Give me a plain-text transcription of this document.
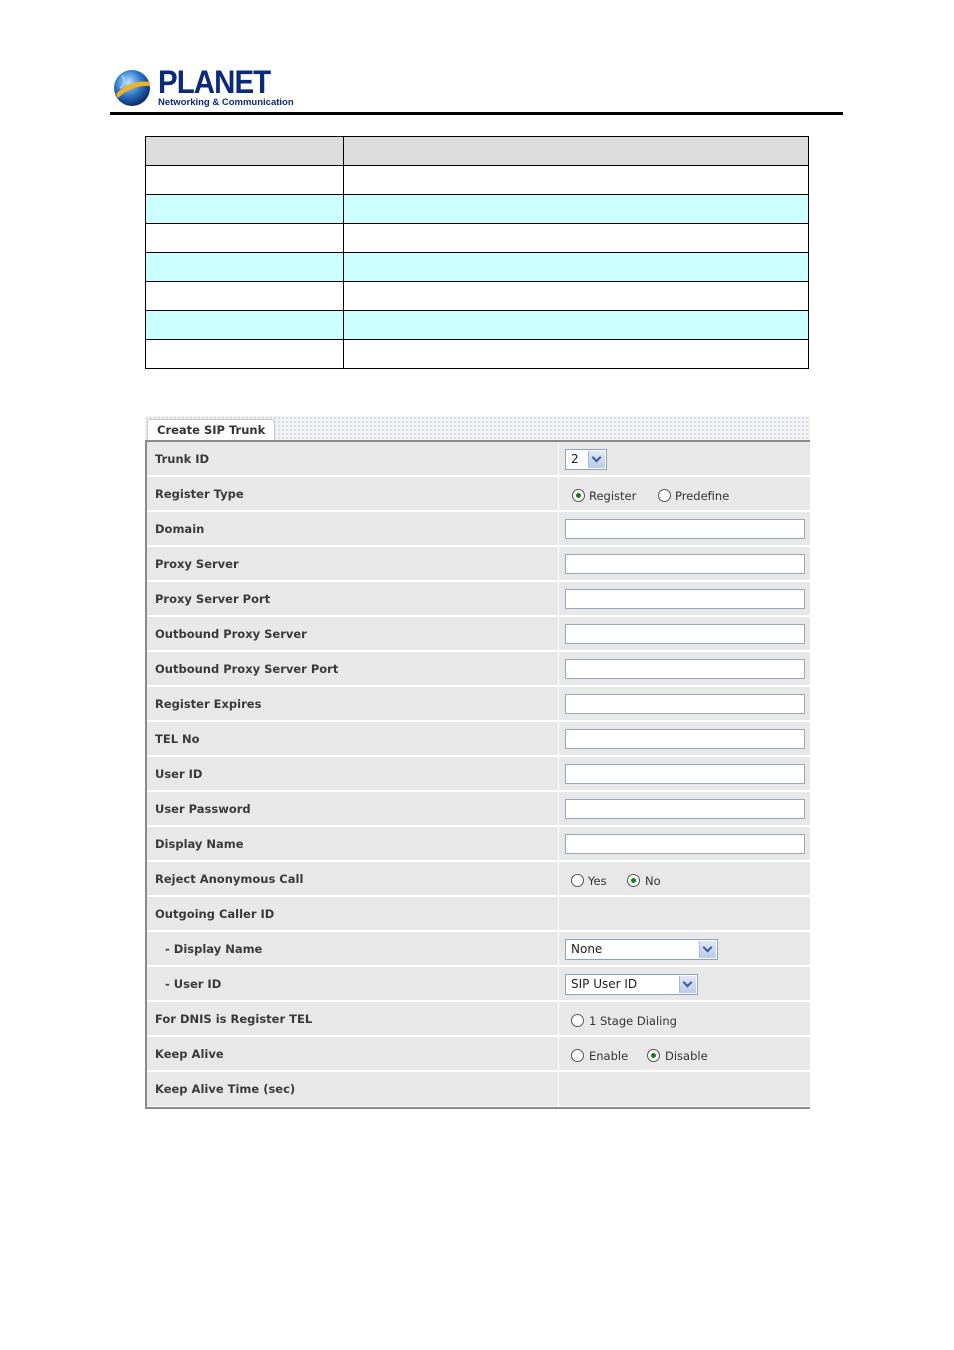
PLANET
Networking & Communication

Create SIP Trunk
Trunk ID	2
Register Type	Register	Predefine
Domain
Proxy Server
Proxy Server Port
Outbound Proxy Server
Outbound Proxy Server Port
Register Expires
TEL No
User ID
User Password
Display Name
Reject Anonymous Call	Yes	No
Outgoing Caller ID
- Display Name	None
- User ID	SIP User ID
For DNIS is Register TEL	1 Stage Dialing
Keep Alive	Enable	Disable
Keep Alive Time (sec)
